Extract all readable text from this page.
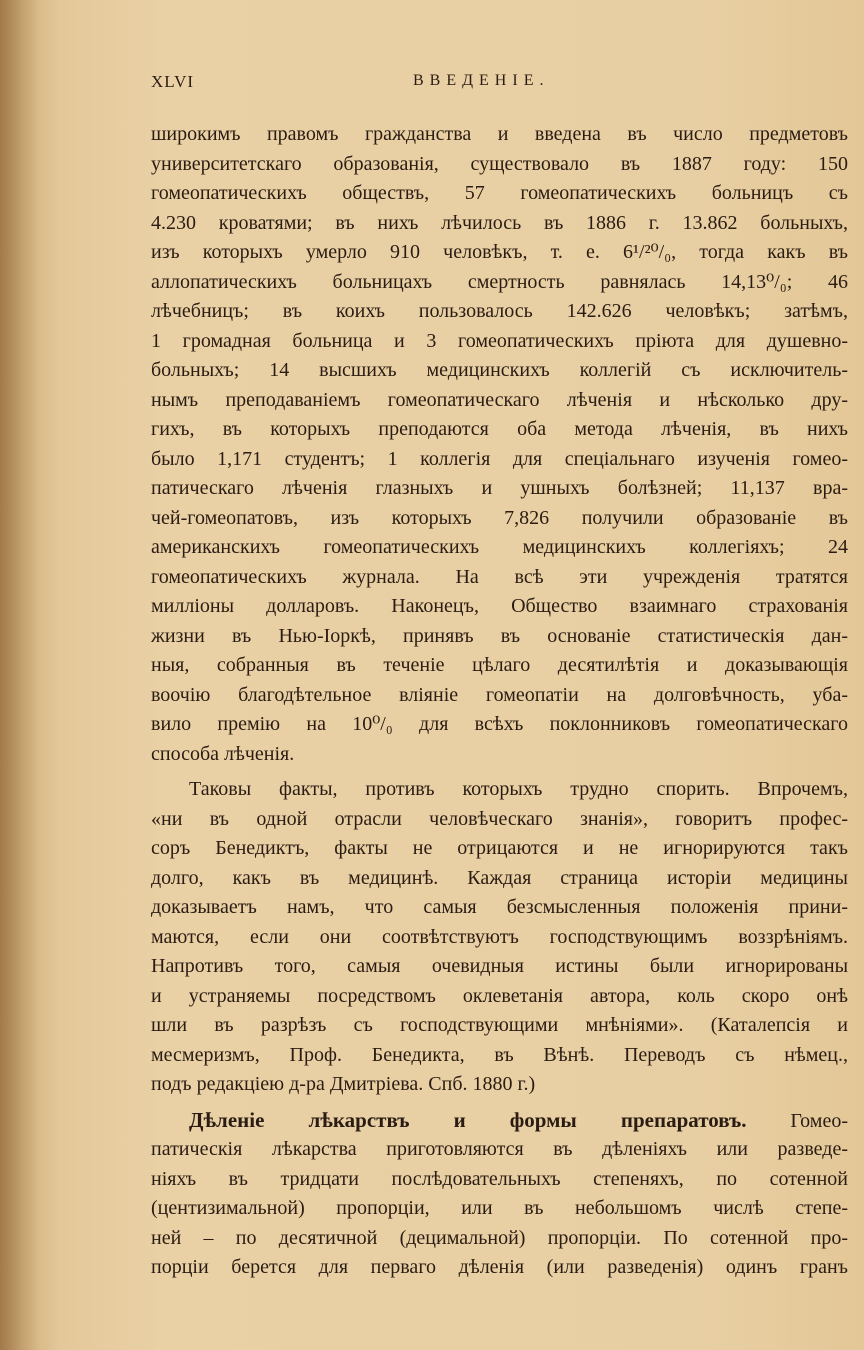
XLVI	ВВЕДЕНІЕ.
широкимъ правомъ гражданства и введена въ число предметовъ
университетскаго образованія, существовало въ 1887 году: 150
гомеопатическихъ обществъ, 57 гомеопатическихъ больницъ съ
4.230 кроватями; въ нихъ лѣчилось въ 1886 г. 13.862 больныхъ,
изъ которыхъ умерло 910 человѣкъ, т. е. 6¹/²⁰/₀, тогда какъ въ
аллопатическихъ больницахъ смертность равнялась 14,13⁰/₀; 46
лѣчебницъ; въ коихъ пользовалось 142.626 человѣкъ; затѣмъ,
1 громадная больница и 3 гомеопатическихъ пріюта для душевно-
больныхъ; 14 высшихъ медицинскихъ коллегій съ исключитель-
нымъ преподаваніемъ гомеопатическаго лѣченія и нѣсколько дру-
гихъ, въ которыхъ преподаются оба метода лѣченія, въ нихъ
было 1,171 студентъ; 1 коллегія для спеціальнаго изученія гомео-
патическаго лѣченія глазныхъ и ушныхъ болѣзней; 11,137 вра-
чей-гомеопатовъ, изъ которыхъ 7,826 получили образованіе въ
американскихъ гомеопатическихъ медицинскихъ коллегіяхъ; 24
гомеопатическихъ журнала. На всѣ эти учрежденія тратятся
милліоны долларовъ. Наконецъ, Общество взаимнаго страхованія
жизни въ Нью-Іоркѣ, принявъ въ основаніе статистическія дан-
ныя, собранныя въ теченіе цѣлаго десятилѣтія и доказывающія
воочію благодѣтельное вліяніе гомеопатіи на долговѣчность, уба-
вило премію на 10⁰/₀ для всѣхъ поклонниковъ гомеопатическаго
способа лѣченія.
Таковы факты, противъ которыхъ трудно спорить. Впрочемъ,
«ни въ одной отрасли человѣческаго знанія», говоритъ профес-
соръ Бенедиктъ, факты не отрицаются и не игнорируются такъ
долго, какъ въ медицинѣ. Каждая страница исторіи медицины
доказываетъ намъ, что самыя безсмысленныя положенія прини-
маются, если они соотвѣтствуютъ господствующимъ воззрѣніямъ.
Напротивъ того, самыя очевидныя истины были игнорированы
и устраняемы посредствомъ оклеветанія автора, коль скоро онѣ
шли въ разрѣзъ съ господствующими мнѣніями». (Каталепсія и
месмеризмъ, Проф. Бенедикта, въ Вѣнѣ. Переводъ съ нѣмец.,
подъ редакціею д-ра Дмитріева. Спб. 1880 г.)
Дѣленіе лѣкарствъ и формы препаратовъ. Гомео-
патическія лѣкарства приготовляются въ дѣленіяхъ или разведе-
ніяхъ въ тридцати послѣдовательныхъ степеняхъ, по сотенной
(центизимальной) пропорціи, или въ небольшомъ числѣ степе-
ней – по десятичной (децимальной) пропорціи. По сотенной про-
порціи берется для перваго дѣленія (или разведенія) одинъ гранъ
